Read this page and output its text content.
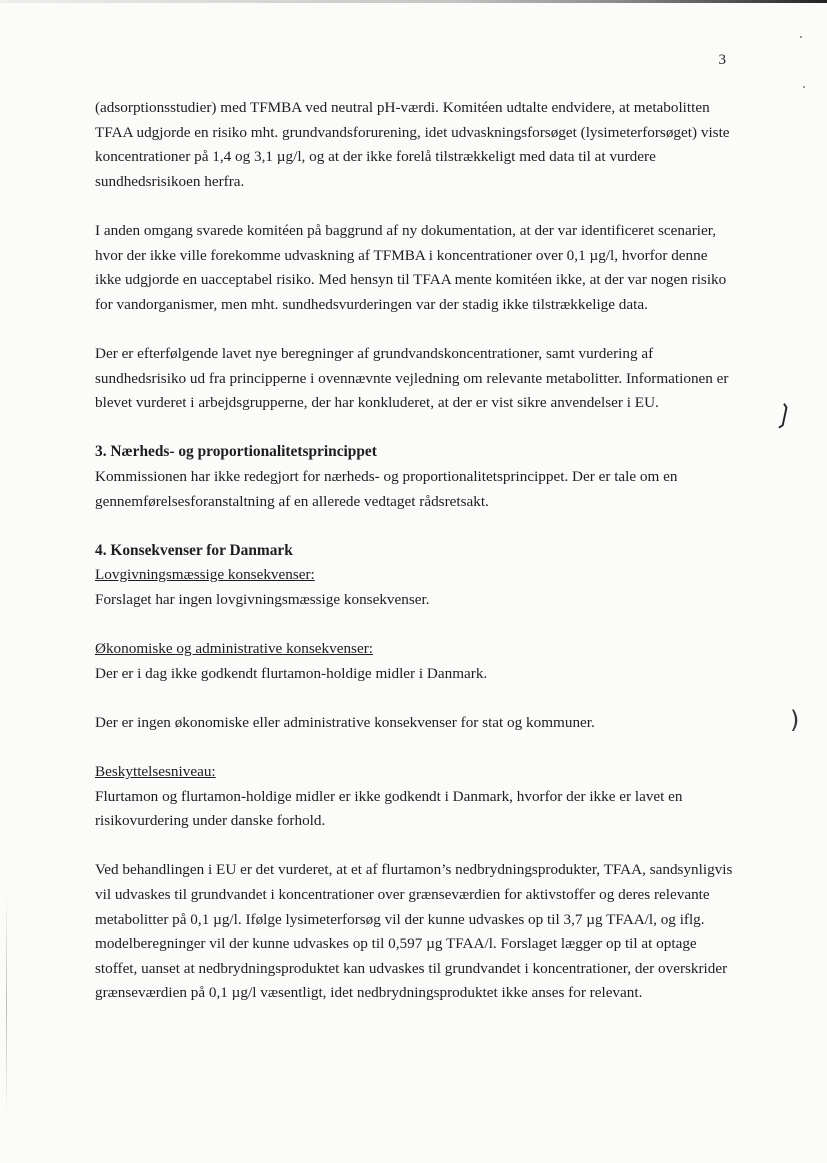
3
❳
)

(adsorptionsstudier) med TFMBA ved neutral pH-værdi. Komitéen udtalte endvidere, at metabolitten TFAA udgjorde en risiko mht. grundvandsforurening, idet udvaskningsforsøget (lysimeterforsøget) viste koncentrationer på 1,4 og 3,1 µg/l, og at der ikke forelå tilstrækkeligt med data til at vurdere sundhedsrisikoen herfra.

I anden omgang svarede komitéen på baggrund af ny dokumentation, at der var identificeret scenarier, hvor der ikke ville forekomme udvaskning af TFMBA i koncentrationer over 0,1 µg/l, hvorfor denne ikke udgjorde en uacceptabel risiko. Med hensyn til TFAA mente komitéen ikke, at der var nogen risiko for vandorganismer, men mht. sundhedsvurderingen var der stadig ikke tilstrækkelige data.

Der er efterfølgende lavet nye beregninger af grundvandskoncentrationer, samt vurdering af sundhedsrisiko ud fra principperne i ovennævnte vejledning om relevante metabolitter. Informationen er blevet vurderet i arbejdsgrupperne, der har konkluderet, at der er vist sikre anvendelser i EU.

3. Nærheds- og proportionalitetsprincippet

Kommissionen har ikke redegjort for nærheds- og proportionalitetsprincippet. Der er tale om en gennemførelsesforanstaltning af en allerede vedtaget rådsretsakt.

4. Konsekvenser for Danmark

Lovgivningsmæssige konsekvenser:

Forslaget har ingen lovgivningsmæssige konsekvenser.

Økonomiske og administrative konsekvenser:

Der er i dag ikke godkendt flurtamon-holdige midler i Danmark.

Der er ingen økonomiske eller administrative konsekvenser for stat og kommuner.

Beskyttelsesniveau:

Flurtamon og flurtamon-holdige midler er ikke godkendt i Danmark, hvorfor der ikke er lavet en risikovurdering under danske forhold.

Ved behandlingen i EU er det vurderet, at et af flurtamon’s nedbrydningsprodukter, TFAA, sandsynligvis vil udvaskes til grundvandet i koncentrationer over grænseværdien for aktivstoffer og deres relevante metabolitter på 0,1 µg/l. Ifølge lysimeterforsøg vil der kunne udvaskes op til 3,7 µg TFAA/l, og iflg. modelberegninger vil der kunne udvaskes op til 0,597 µg TFAA/l. Forslaget lægger op til at optage stoffet, uanset at nedbrydningsproduktet kan udvaskes til grundvandet i koncentrationer, der overskrider grænseværdien på 0,1 µg/l væsentligt, idet nedbrydningsproduktet ikke anses for relevant.
